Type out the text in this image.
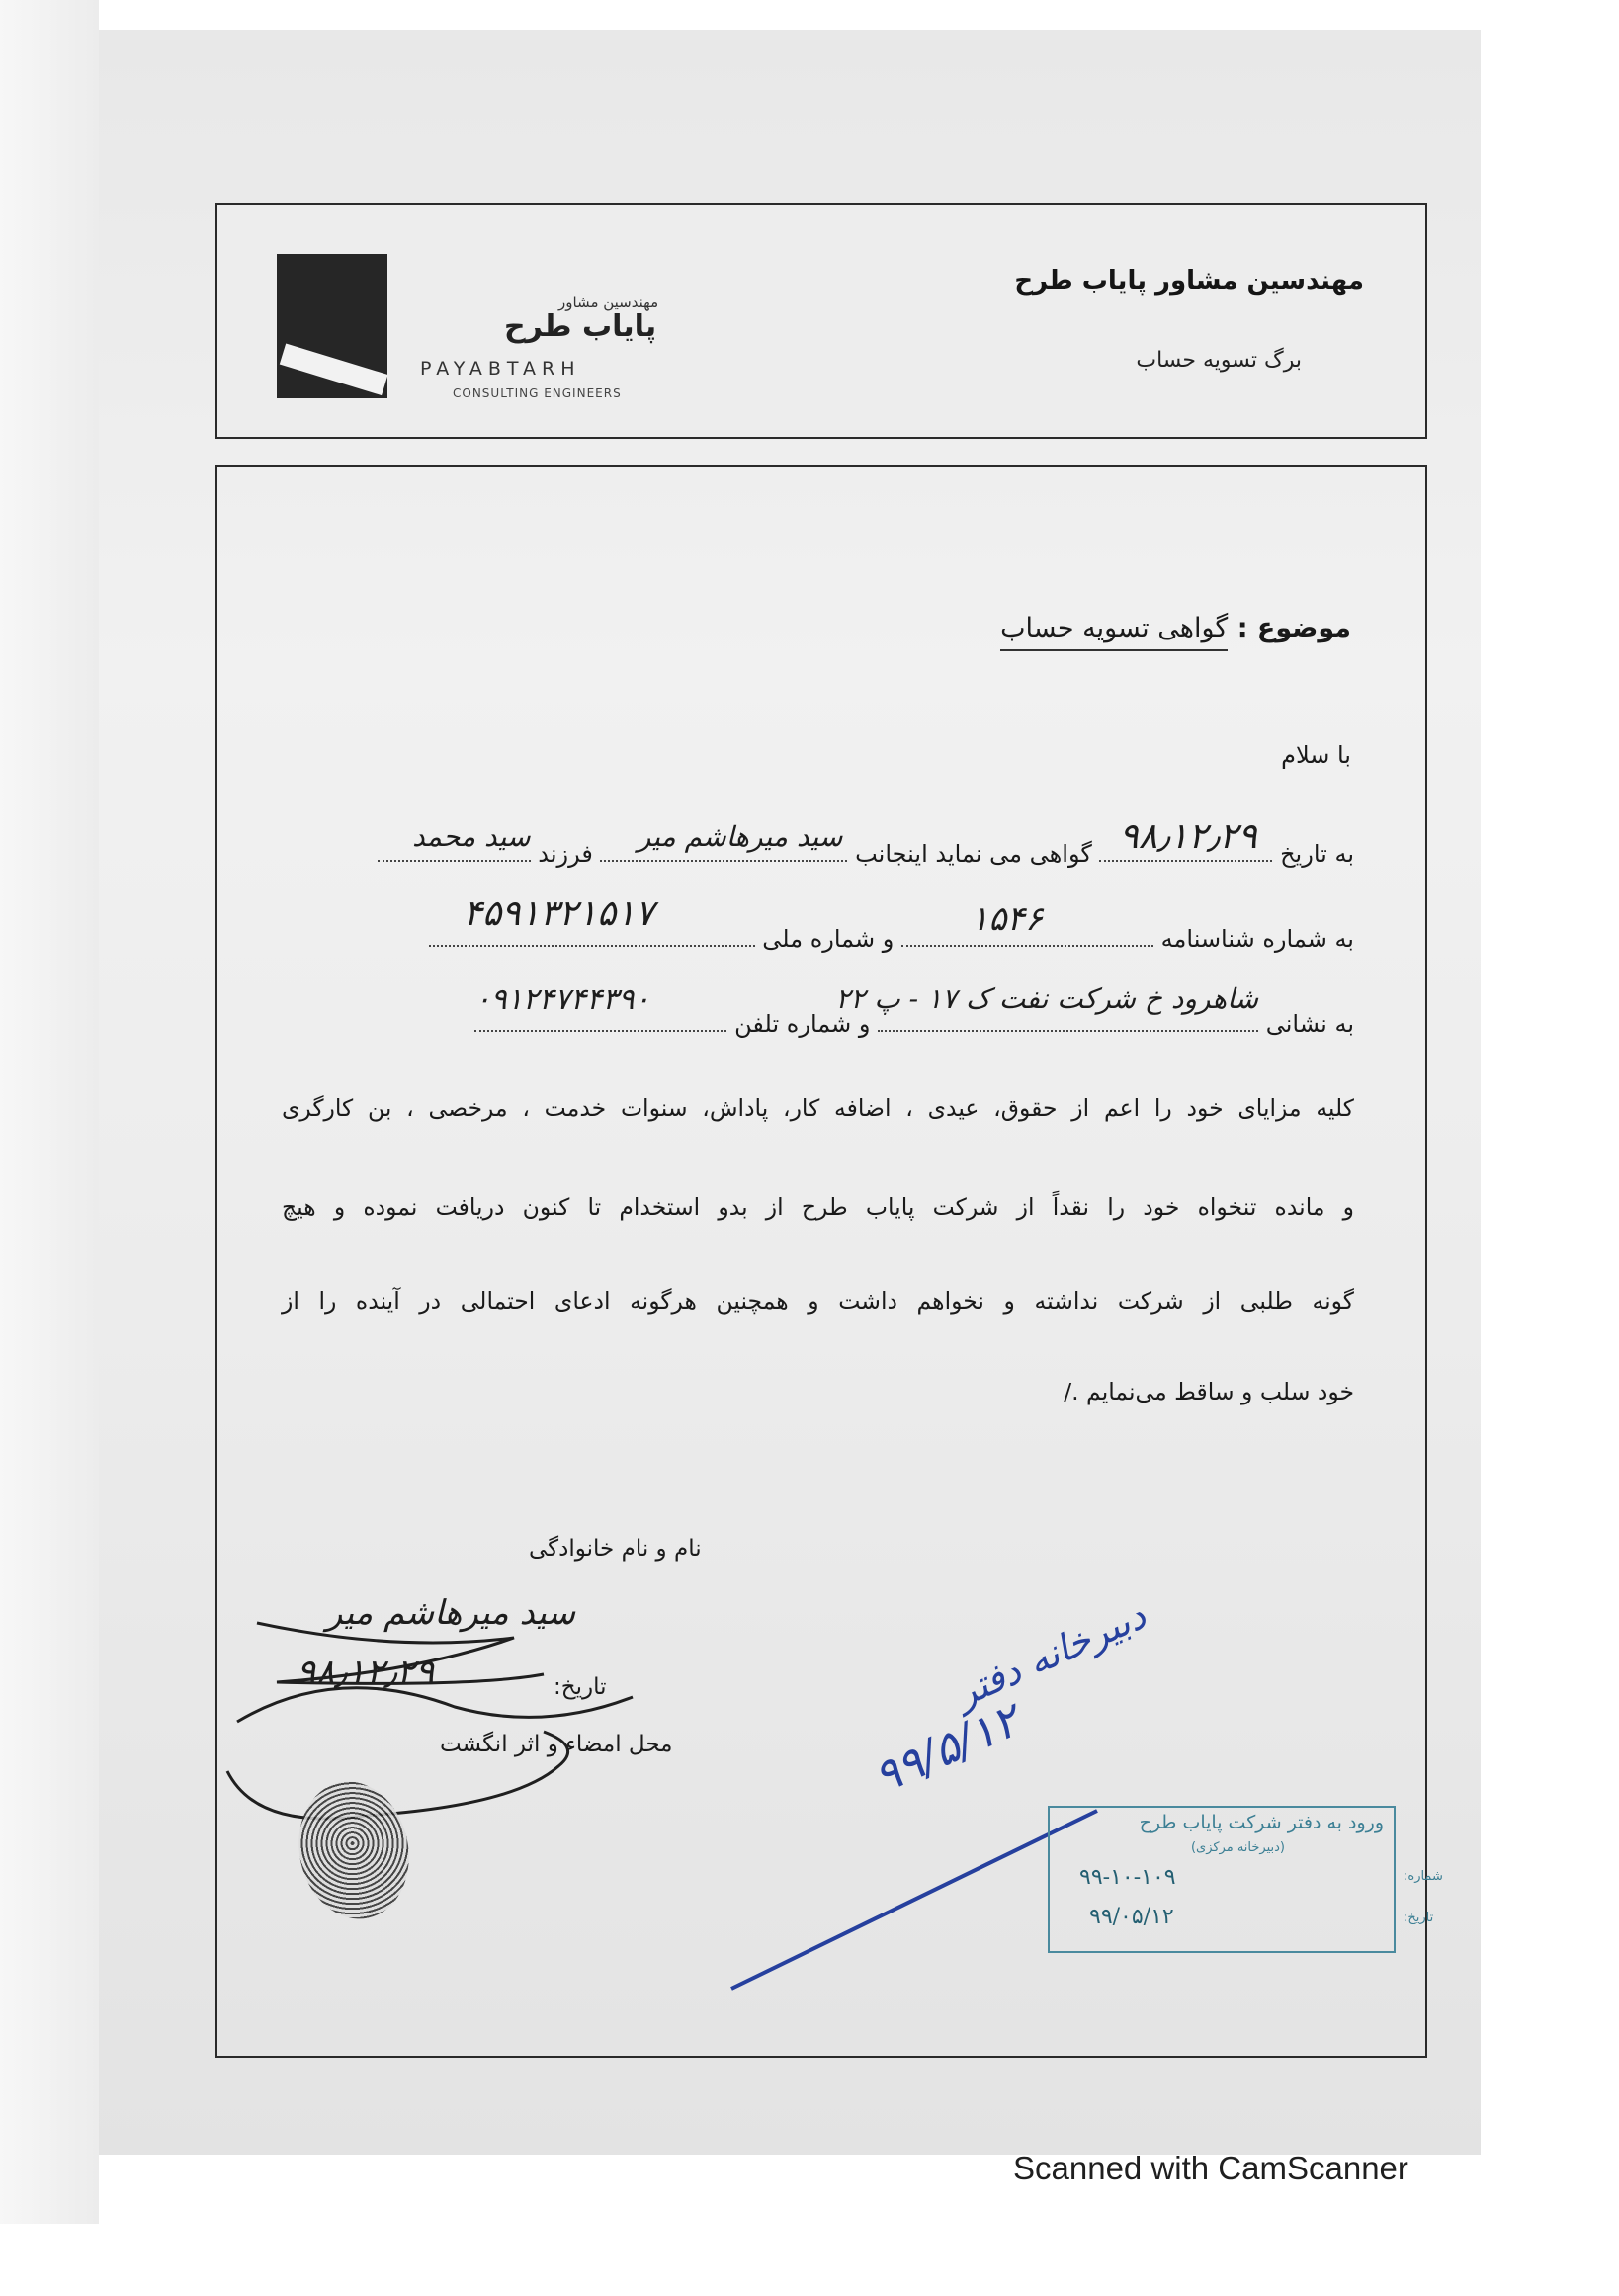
مهندسین مشاور
پایاب طرح
PAYABTARH
CONSULTING ENGINEERS
مهندسین مشاور پایاب طرح
برگ تسویه حساب
موضوع : گواهی تسویه حساب
با سلام
به تاریخ
۹۸٫۱۲٫۲۹
گواهی می نماید اینجانب
سید میرهاشم میر
فرزند
سید محمد
به شماره شناسنامه
۱۵۴۶
و شماره ملی
۴۵۹۱۳۲۱۵۱۷
به نشانی
شاهرود خ شرکت نفت ک ۱۷ - پ ۲۲
و شماره تلفن
۰۹۱۲۴۷۴۴۳۹۰
کلیه مزایای خود را اعم از حقوق، عیدی ، اضافه کار، پاداش، سنوات خدمت ، مرخصی ، بن کارگری
و مانده تنخواه خود را نقداً از شرکت پایاب طرح از بدو استخدام تا کنون دریافت نموده و هیچ
گونه طلبی از شرکت نداشته و نخواهم داشت و همچنین هرگونه ادعای احتمالی در آینده را از
خود سلب و ساقط می‌نمایم ./
نام و نام خانوادگی
سید میرهاشم میر
تاریخ:
۹۸٫۱۲٫۲۹
محل امضاء و اثر انگشت
دبیرخانه دفتر
۹۹/۵/۱۲
ورود به دفتر شرکت پایاب طرح
(دبیرخانه مرکزی)
۹۹-۱۰-۱۰۹
۹۹/۰۵/۱۲
شماره:
تاریخ:
Scanned with CamScanner
